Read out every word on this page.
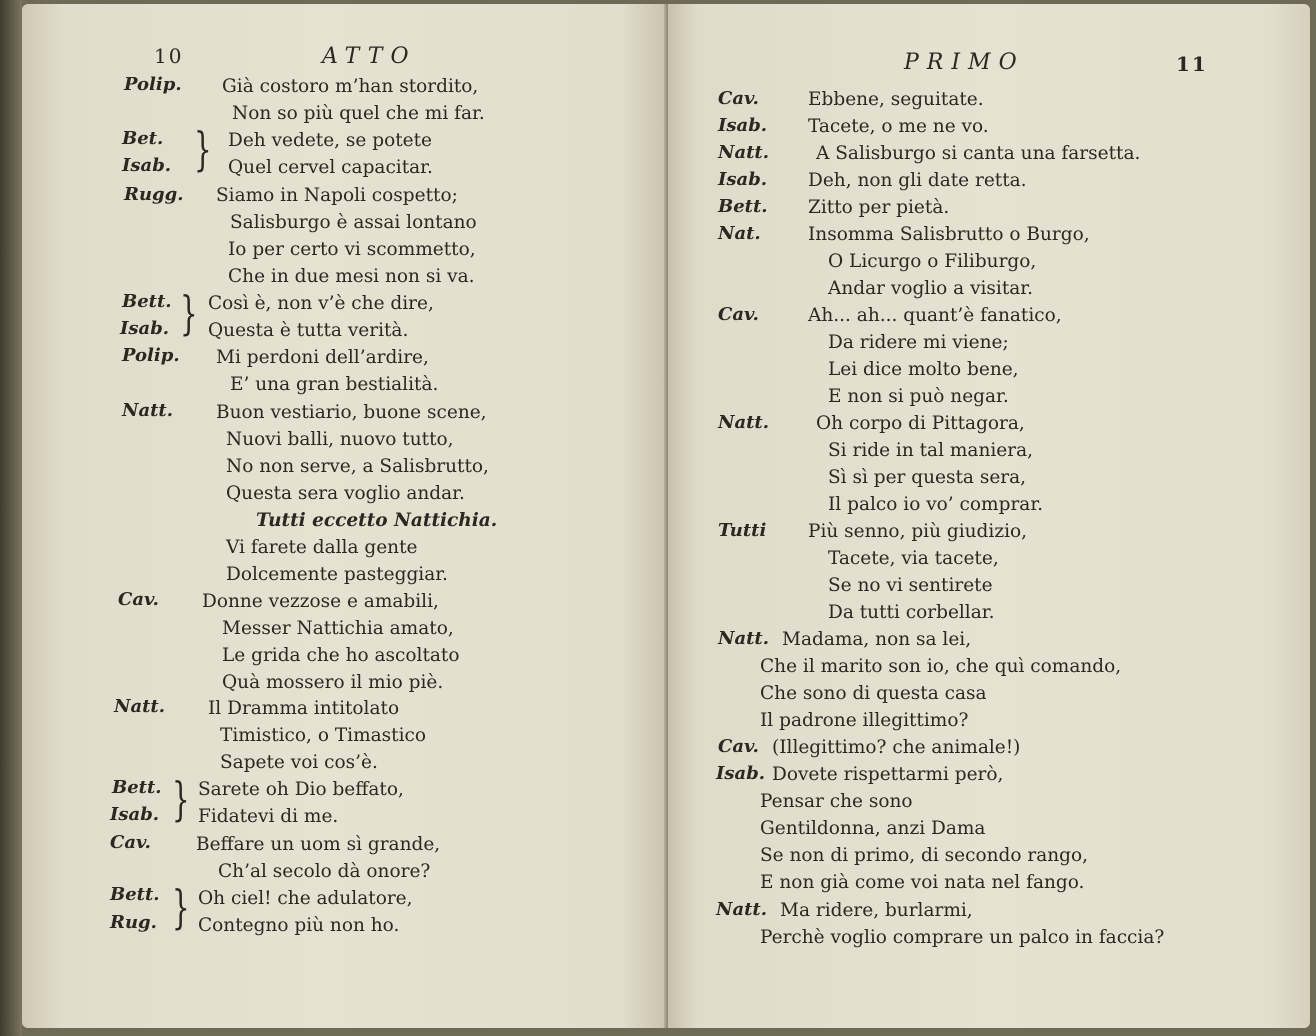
10	ATTO
Polip.
Bet.
Isab. }
Rugg.
Bett.
Isab. }
Polip.
Natt.
Cav.
Natt.
Bett.
Isab. }
Cav.
Bett.
Rug. }
Già costoro m’han stordito,
Non so più quel che mi far.
Deh vedete, se potete
Quel cervel capacitar.
Siamo in Napoli cospetto;
Salisburgo è assai lontano
Io per certo vi scommetto,
Che in due mesi non si va.
Così è, non v’è che dire,
Questa è tutta verità.
Mi perdoni dell’ardire,
E’ una gran bestialità.
Buon vestiario, buone scene,
Nuovi balli, nuovo tutto,
No non serve, a Salisbrutto,
Questa sera voglio andar.
Tutti eccetto Nattichia.
Vi farete dalla gente
Dolcemente pasteggiar.
Donne vezzose e amabili,
Messer Nattichia amato,
Le grida che ho ascoltato
Quà mossero il mio piè.
Il Dramma intitolato
Timistico, o Timastico
Sapete voi cos’è.
Sarete oh Dio beffato,
Fidatevi di me.
Beffare un uom sì grande,
Ch’al secolo dà onore?
Oh ciel! che adulatore,
Contegno più non ho.
PRIMO	11
Cav.
Isab.
Natt.
Isab.
Bett.
Nat.
Cav.
Natt.
Tutti
Natt.
Cav.
Isab.
Natt.
Ebbene, seguitate.
Tacete, o me ne vo.
A Salisburgo si canta una farsetta.
Deh, non gli date retta.
Zitto per pietà.
Insomma Salisbrutto o Burgo,
O Licurgo o Filiburgo,
Andar voglio a visitar.
Ah... ah... quant’è fanatico,
Da ridere mi viene;
Lei dice molto bene,
E non si può negar.
Oh corpo di Pittagora,
Si ride in tal maniera,
Sì sì per questa sera,
Il palco io vo’ comprar.
Più senno, più giudizio,
Tacete, via tacete,
Se no vi sentirete
Da tutti corbellar.
Madama, non sa lei,
Che il marito son io, che quì comando,
Che sono di questa casa
Il padrone illegittimo?
(Illegittimo? che animale!)
Dovete rispettarmi però,
Pensar che sono
Gentildonna, anzi Dama
Se non di primo, di secondo rango,
E non già come voi nata nel fango.
Ma ridere, burlarmi,
Perchè voglio comprare un palco in faccia?
